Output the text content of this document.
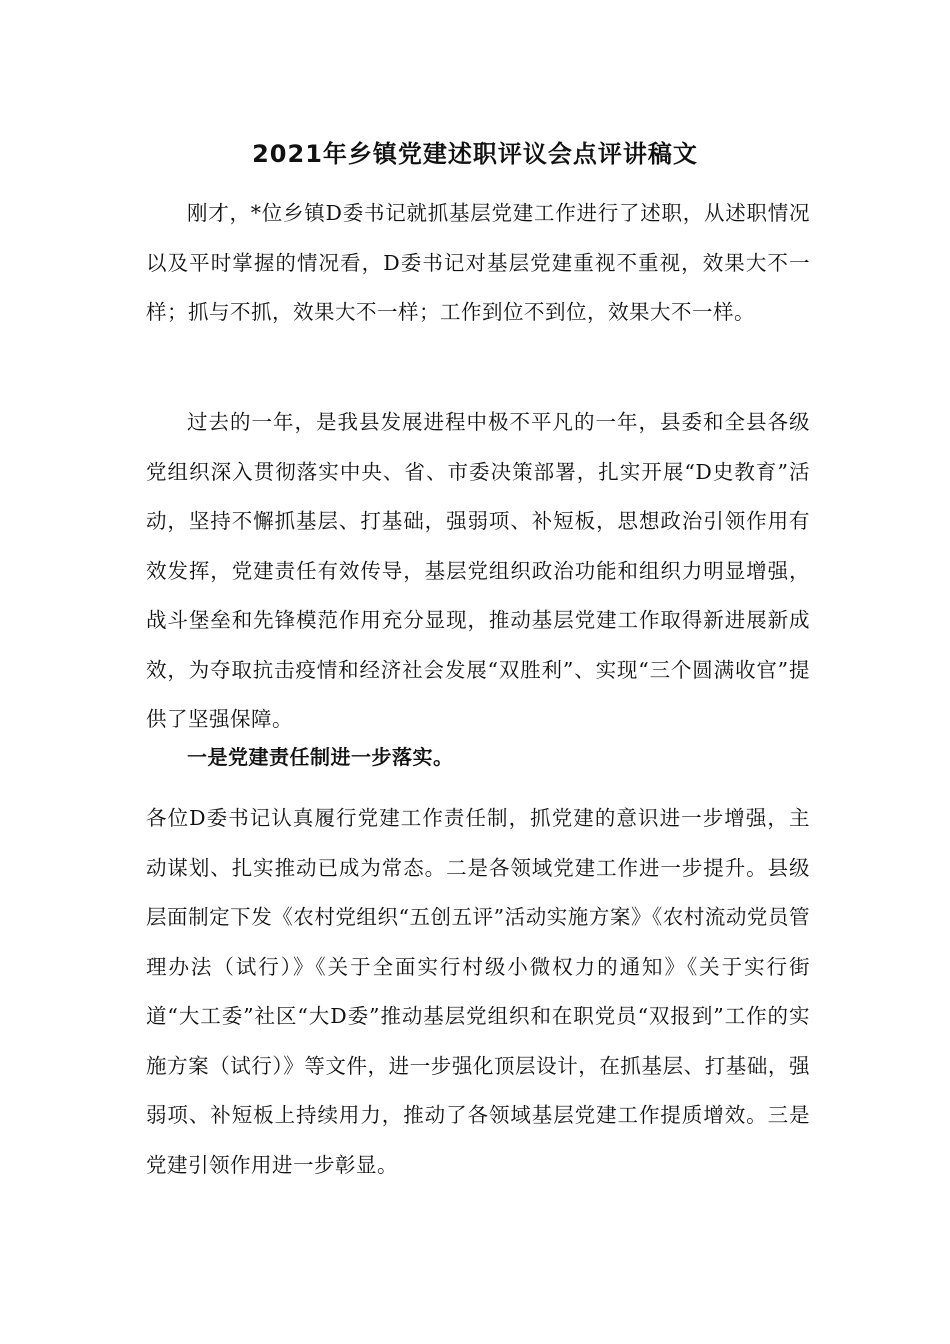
2021年乡镇党建述职评议会点评讲稿文

刚才，*位乡镇D委书记就抓基层党建工作进行了述职，从述职情况以及平时掌握的情况看，D委书记对基层党建重视不重视，效果大不一样；抓与不抓，效果大不一样；工作到位不到位，效果大不一样。

过去的一年，是我县发展进程中极不平凡的一年，县委和全县各级党组织深入贯彻落实中央、省、市委决策部署，扎实开展“D史教育”活动，坚持不懈抓基层、打基础，强弱项、补短板，思想政治引领作用有效发挥，党建责任有效传导，基层党组织政治功能和组织力明显增强，战斗堡垒和先锋模范作用充分显现，推动基层党建工作取得新进展新成效，为夺取抗击疫情和经济社会发展“双胜利”、实现“三个圆满收官”提供了坚强保障。

一是党建责任制进一步落实。

各位D委书记认真履行党建工作责任制，抓党建的意识进一步增强，主动谋划、扎实推动已成为常态。二是各领域党建工作进一步提升。县级层面制定下发《农村党组织“五创五评”活动实施方案》《农村流动党员管理办法（试行）》《关于全面实行村级小微权力的通知》《关于实行街道“大工委”社区“大D委”推动基层党组织和在职党员“双报到”工作的实施方案（试行）》等文件，进一步强化顶层设计，在抓基层、打基础，强弱项、补短板上持续用力，推动了各领域基层党建工作提质增效。三是党建引领作用进一步彰显。
